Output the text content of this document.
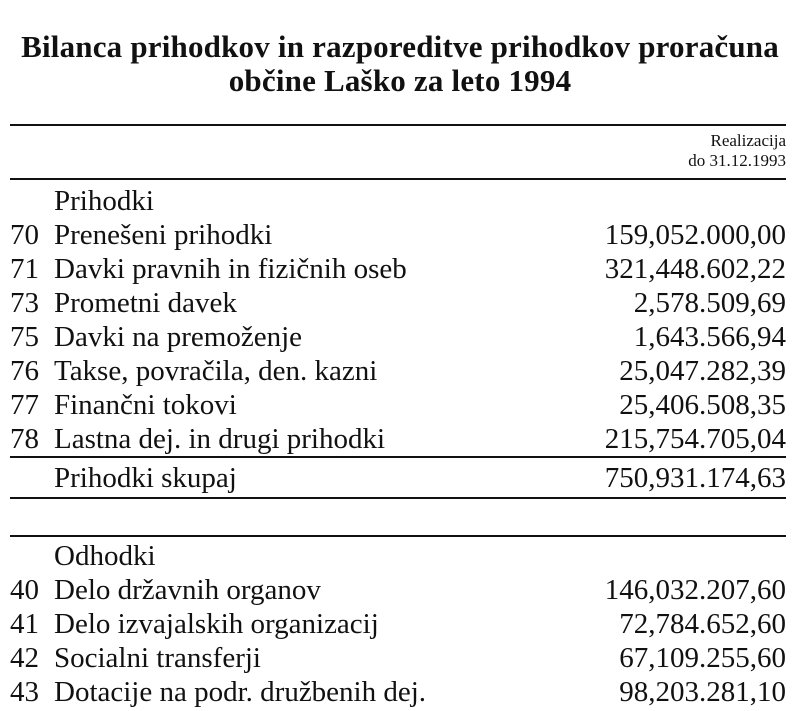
Bilanca prihodkov in razporeditve prihodkov proračuna
občine Laško za leto 1994
Realizacija
do 31.12.1993
Prihodki
70 Prenešeni prihodki	159,052.000,00
71 Davki pravnih in fizičnih oseb	321,448.602,22
73 Prometni davek	2,578.509,69
75 Davki na premoženje	1,643.566,94
76 Takse, povračila, den. kazni	25,047.282,39
77 Finančni tokovi	25,406.508,35
78 Lastna dej. in drugi prihodki	215,754.705,04
Prihodki skupaj	750,931.174,63
Odhodki
40 Delo državnih organov	146,032.207,60
41 Delo izvajalskih organizacij	72,784.652,60
42 Socialni transferji	67,109.255,60
43 Dotacije na podr. družbenih dej.	98,203.281,10
